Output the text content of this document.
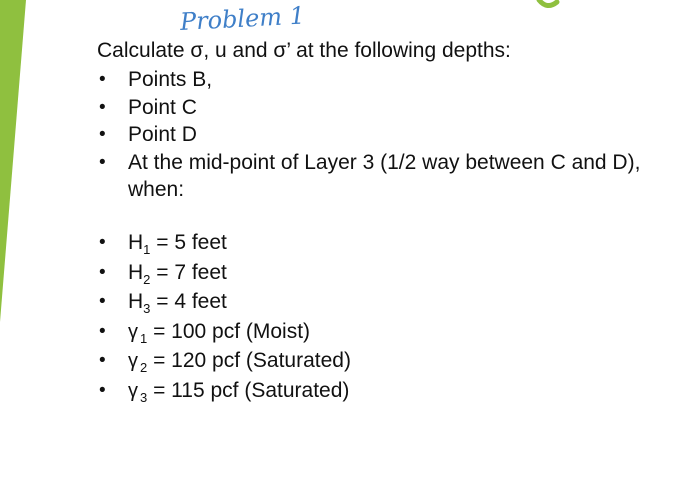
Problem 1
Calculate σ, u and σ’ at the following depths:
• Points B,
• Point C
• Point D
• At the mid-point of Layer 3 (1/2 way between C and D),
when:
• $H_1 = 5$ feet
• $H_2 = 7$ feet
• $H_3 = 4$ feet
• γ $_1$ = 100 pcf (Moist)
• γ $_2$ = 120 pcf (Saturated)
• γ $_3$ = 115 pcf (Saturated)
